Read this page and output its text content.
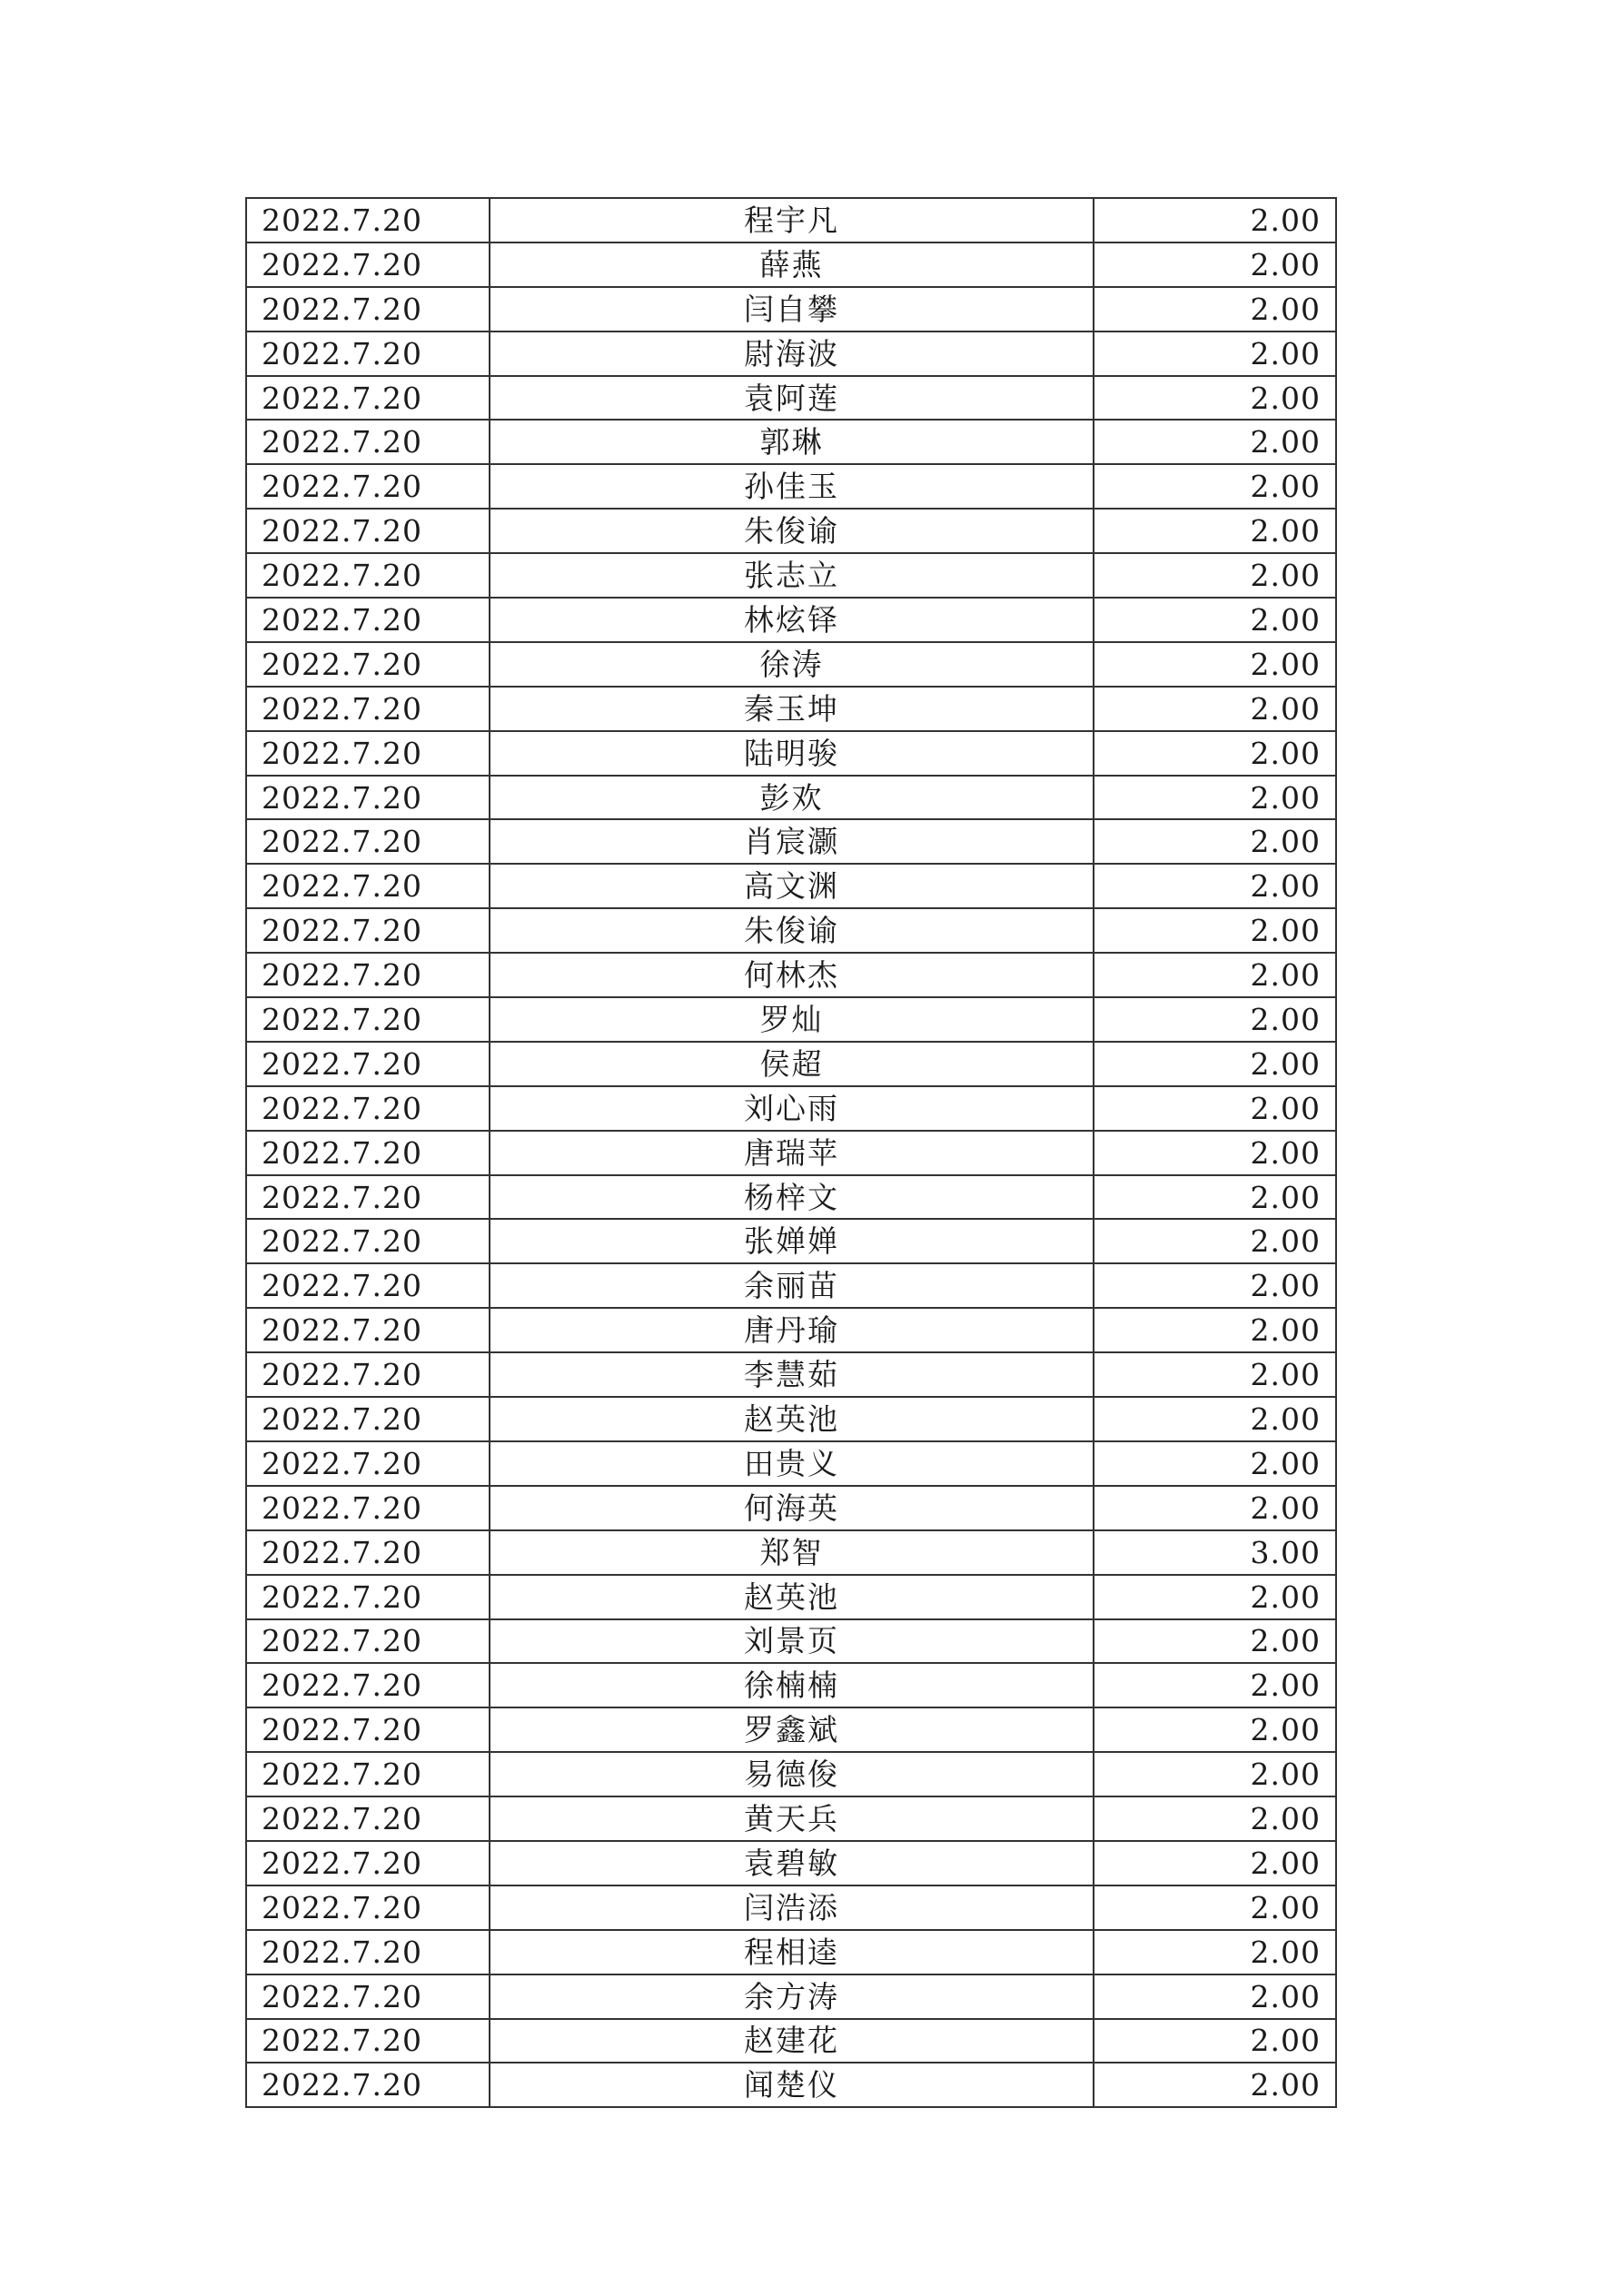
2022.7.20	程宇凡	2.00
2022.7.20	薛燕	2.00
2022.7.20	闫自攀	2.00
2022.7.20	尉海波	2.00
2022.7.20	袁阿莲	2.00
2022.7.20	郭琳	2.00
2022.7.20	孙佳玉	2.00
2022.7.20	朱俊谕	2.00
2022.7.20	张志立	2.00
2022.7.20	林炫铎	2.00
2022.7.20	徐涛	2.00
2022.7.20	秦玉坤	2.00
2022.7.20	陆明骏	2.00
2022.7.20	彭欢	2.00
2022.7.20	肖宸灏	2.00
2022.7.20	高文渊	2.00
2022.7.20	朱俊谕	2.00
2022.7.20	何林杰	2.00
2022.7.20	罗灿	2.00
2022.7.20	侯超	2.00
2022.7.20	刘心雨	2.00
2022.7.20	唐瑞苹	2.00
2022.7.20	杨梓文	2.00
2022.7.20	张婵婵	2.00
2022.7.20	余丽苗	2.00
2022.7.20	唐丹瑜	2.00
2022.7.20	李慧茹	2.00
2022.7.20	赵英池	2.00
2022.7.20	田贵义	2.00
2022.7.20	何海英	2.00
2022.7.20	郑智	3.00
2022.7.20	赵英池	2.00
2022.7.20	刘景页	2.00
2022.7.20	徐楠楠	2.00
2022.7.20	罗鑫斌	2.00
2022.7.20	易德俊	2.00
2022.7.20	黄天兵	2.00
2022.7.20	袁碧敏	2.00
2022.7.20	闫浩添	2.00
2022.7.20	程相逵	2.00
2022.7.20	余方涛	2.00
2022.7.20	赵建花	2.00
2022.7.20	闻楚仪	2.00
